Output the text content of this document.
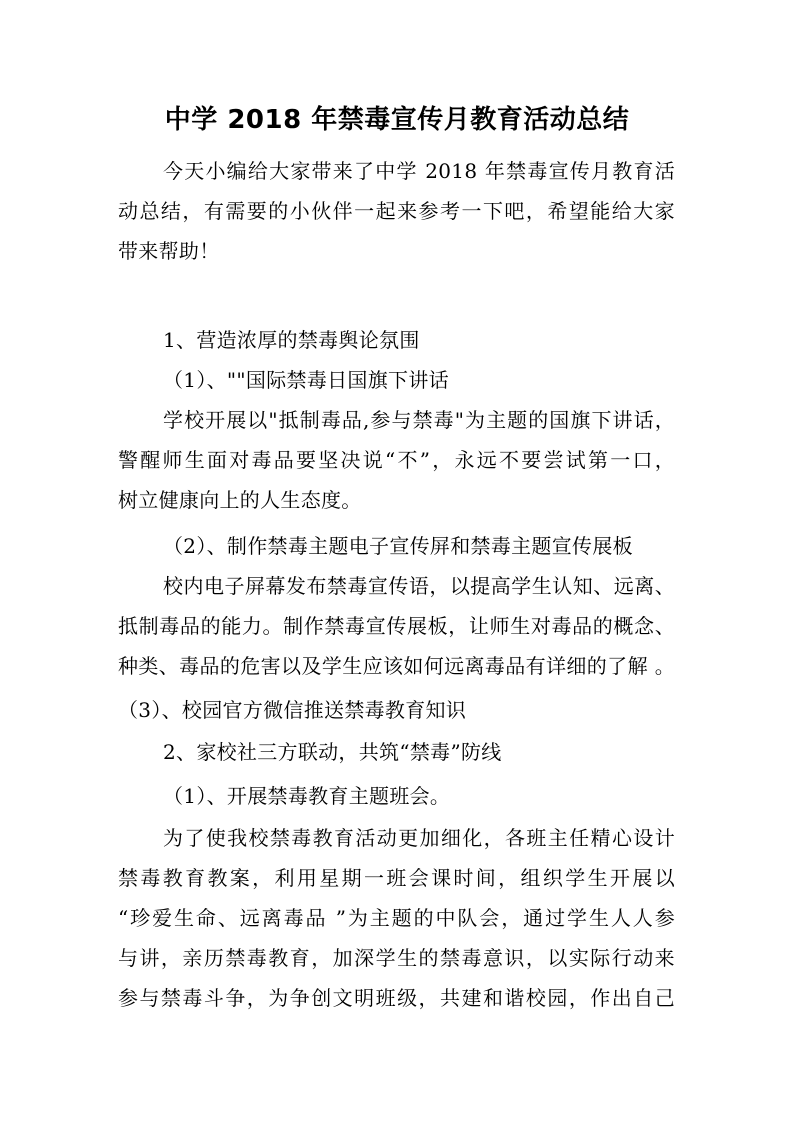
中学 2018 年禁毒宣传月教育活动总结
今天小编给大家带来了中学 2018 年禁毒宣传月教育活
动总结，有需要的小伙伴一起来参考一下吧，希望能给大家
带来帮助！
1、营造浓厚的禁毒舆论氛围
（1）、""国际禁毒日国旗下讲话
学校开展以"抵制毒品,参与禁毒"为主题的国旗下讲话，
警醒师生面对毒品要坚决说“不”，永远不要尝试第一口，
树立健康向上的人生态度。
（2）、制作禁毒主题电子宣传屏和禁毒主题宣传展板
校内电子屏幕发布禁毒宣传语，以提高学生认知、远离、
抵制毒品的能力。制作禁毒宣传展板，让师生对毒品的概念、
种类、毒品的危害以及学生应该如何远离毒品有详细的了解 。
（3）、校园官方微信推送禁毒教育知识
2、家校社三方联动，共筑“禁毒”防线
（1）、开展禁毒教育主题班会。
为了使我校禁毒教育活动更加细化，各班主任精心设计
禁毒教育教案，利用星期一班会课时间，组织学生开展以
“珍爱生命、远离毒品 ”为主题的中队会，通过学生人人参
与讲，亲历禁毒教育，加深学生的禁毒意识，以实际行动来
参与禁毒斗争，为争创文明班级，共建和谐校园，作出自己
